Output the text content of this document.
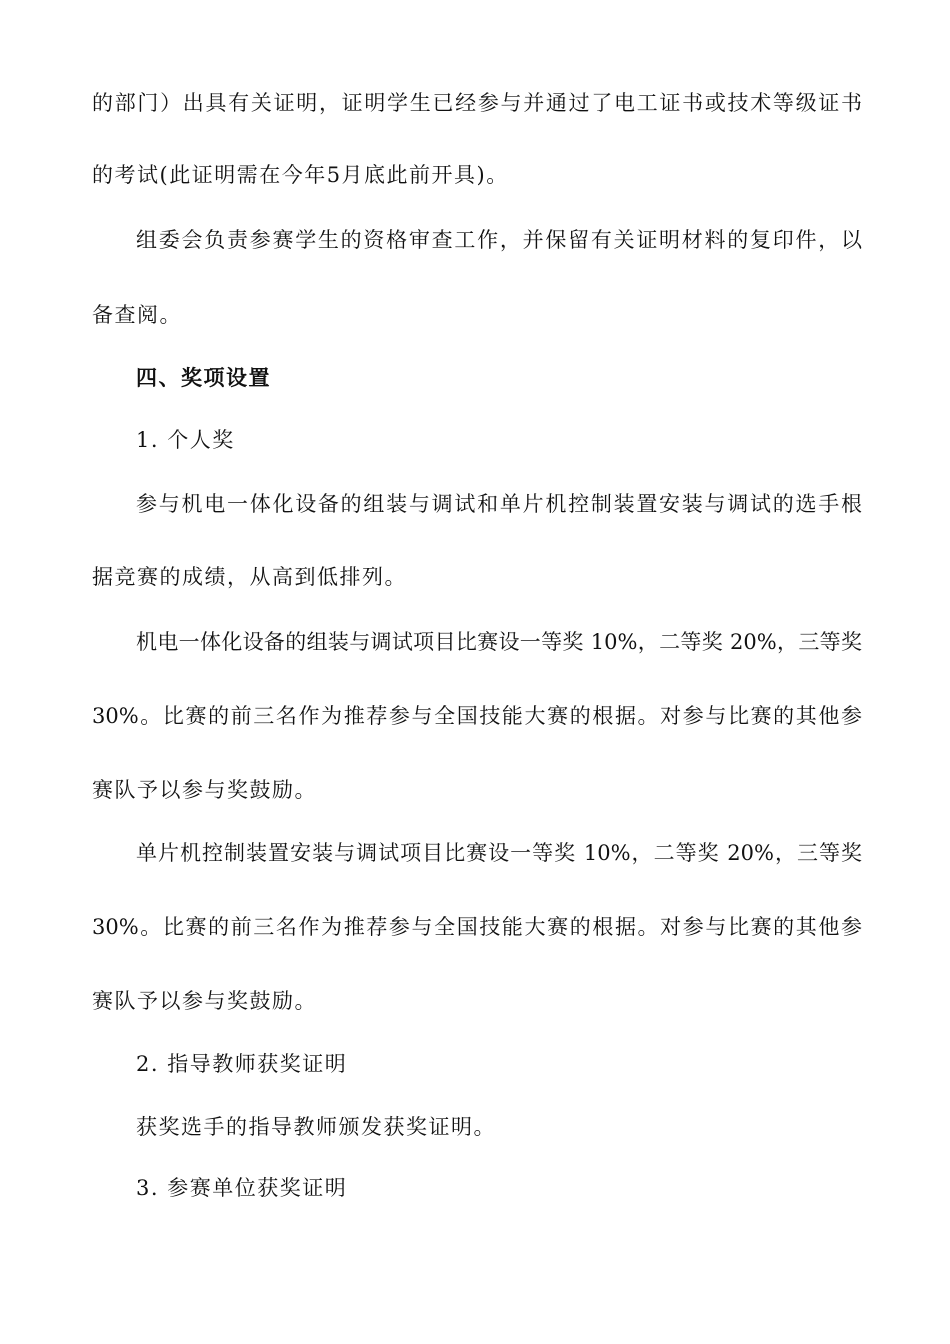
的部门）出具有关证明，证明学生已经参与并通过了电工证书或技术等级证书
的考试(此证明需在今年5月底此前开具)。
组委会负责参赛学生的资格审查工作，并保留有关证明材料的复印件，以
备查阅。
四、奖项设置
1. 个人奖
参与机电一体化设备的组装与调试和单片机控制装置安装与调试的选手根
据竞赛的成绩，从高到低排列。
机电一体化设备的组装与调试项目比赛设一等奖 10%，二等奖 20%，三等奖
30%。比赛的前三名作为推荐参与全国技能大赛的根据。对参与比赛的其他参
赛队予以参与奖鼓励。
单片机控制装置安装与调试项目比赛设一等奖 10%，二等奖 20%，三等奖
30%。比赛的前三名作为推荐参与全国技能大赛的根据。对参与比赛的其他参
赛队予以参与奖鼓励。
2. 指导教师获奖证明
获奖选手的指导教师颁发获奖证明。
3. 参赛单位获奖证明
